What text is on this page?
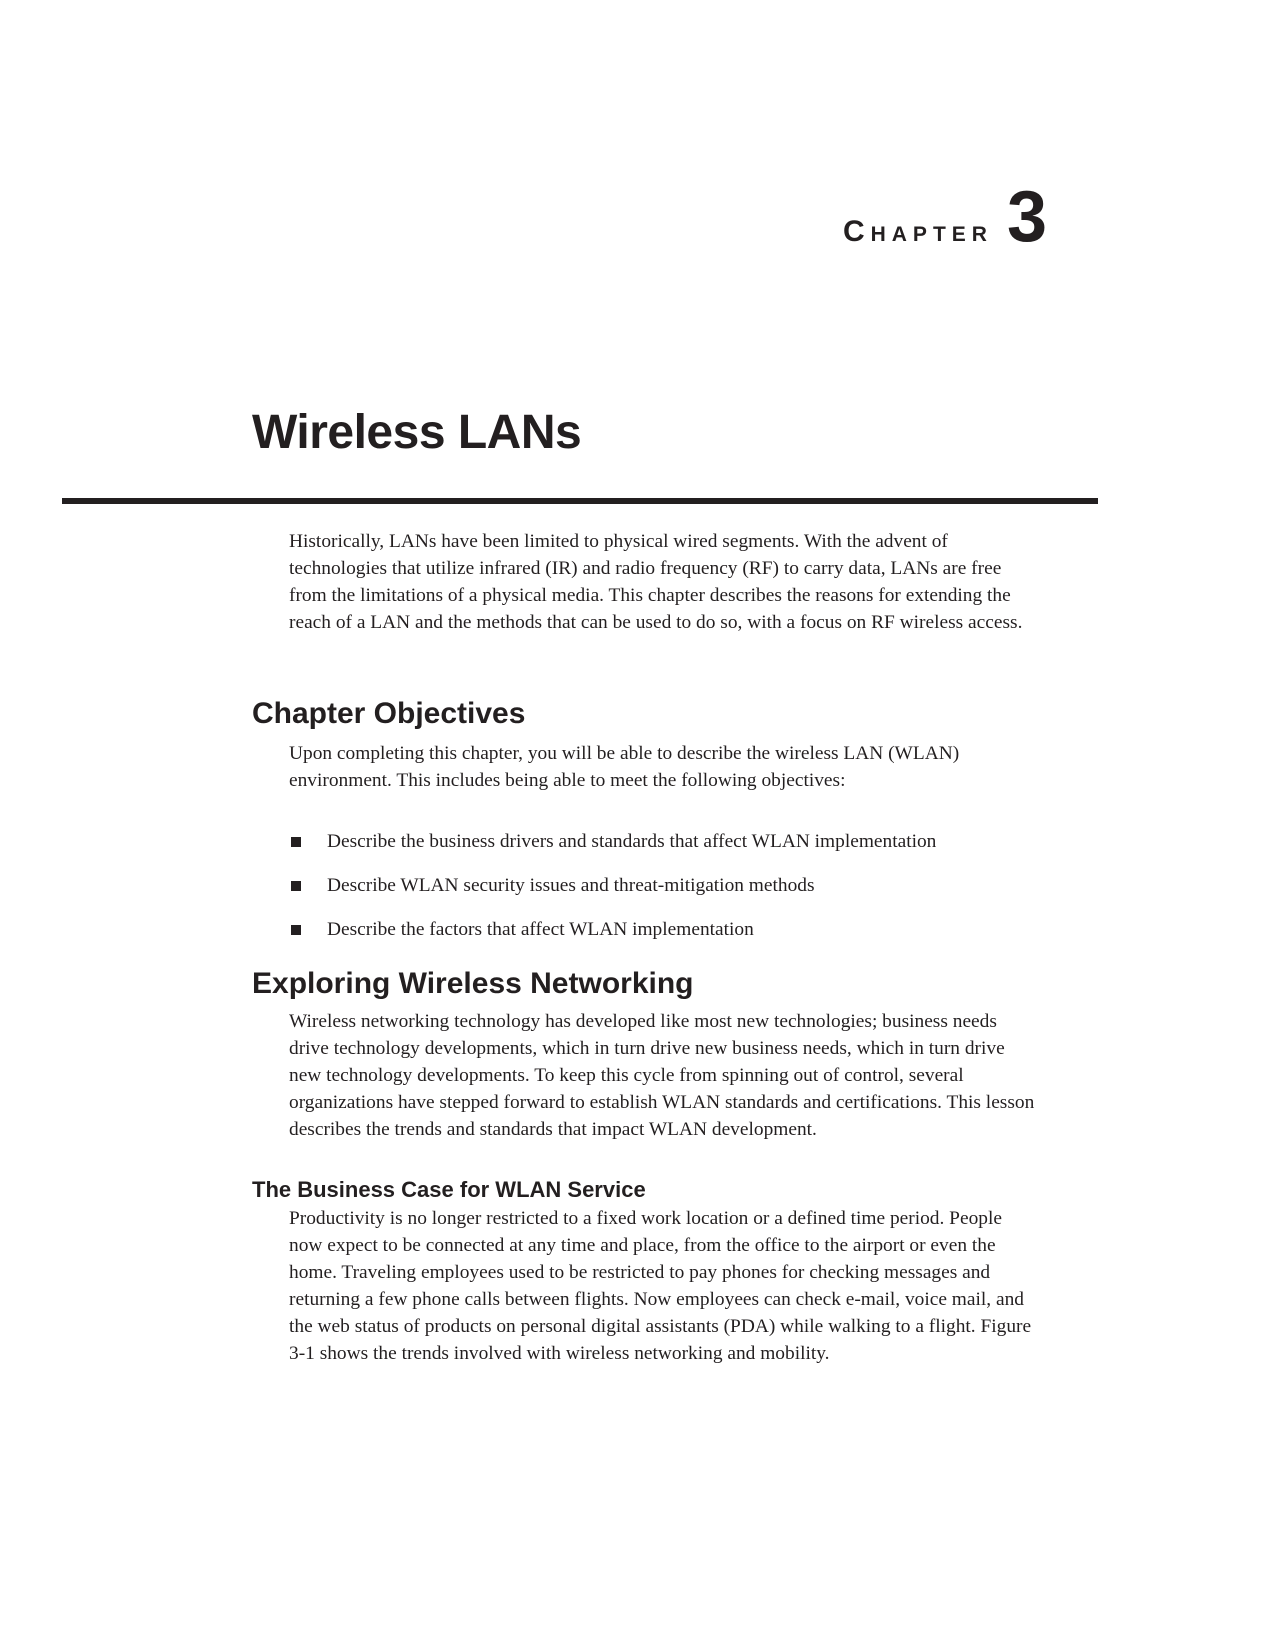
Chapter 3
Wireless LANs

Historically, LANs have been limited to physical wired segments. With the advent of technologies that utilize infrared (IR) and radio frequency (RF) to carry data, LANs are free from the limitations of a physical media. This chapter describes the reasons for extending the reach of a LAN and the methods that can be used to do so, with a focus on RF wireless access.

Chapter Objectives

Upon completing this chapter, you will be able to describe the wireless LAN (WLAN) environment. This includes being able to meet the following objectives:

Describe the business drivers and standards that affect WLAN implementation
Describe WLAN security issues and threat-mitigation methods
Describe the factors that affect WLAN implementation
Exploring Wireless Networking

Wireless networking technology has developed like most new technologies; business needs drive technology developments, which in turn drive new business needs, which in turn drive new technology developments. To keep this cycle from spinning out of control, several organizations have stepped forward to establish WLAN standards and certifications. This lesson describes the trends and standards that impact WLAN development.

The Business Case for WLAN Service

Productivity is no longer restricted to a fixed work location or a defined time period. People now expect to be connected at any time and place, from the office to the airport or even the home. Traveling employees used to be restricted to pay phones for checking messages and returning a few phone calls between flights. Now employees can check e-mail, voice mail, and the web status of products on personal digital assistants (PDA) while walking to a flight. Figure 3-1 shows the trends involved with wireless networking and mobility.
